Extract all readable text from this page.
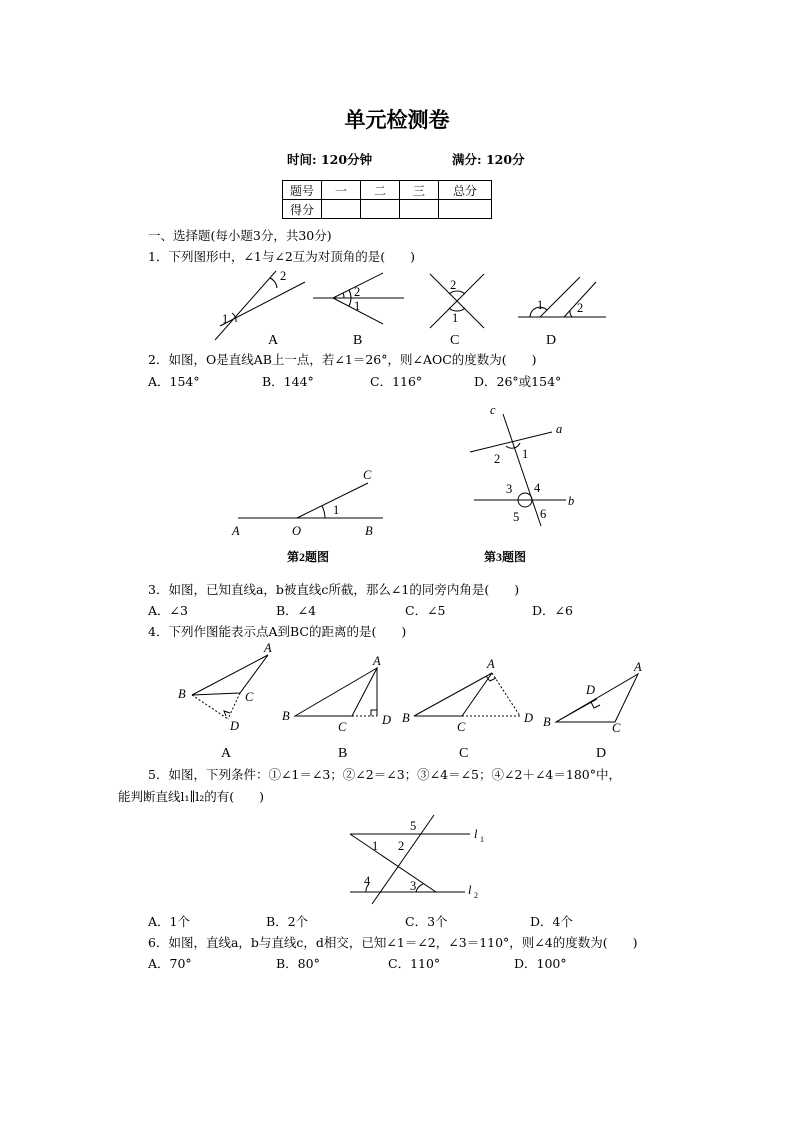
单元检测卷
时间: 120分钟	满分: 120分
题号	一	二	三	总分
得分				
一、选择题(每小题3分，共30分)
1．下列图形中，∠1与∠2互为对顶角的是(　　)
1
2
2
1
2
1
1	2
A	B	C	D
2．如图，O是直线AB上一点，若∠1＝26°，则∠AOC的度数为(　　)
A．154°	B．144°	C．116°	D．26°或154°
A	O	B
C
1
第2题图
c
a
b
2 1
3 4
5 6
第3题图
3．如图，已知直线a，b被直线c所截，那么∠1的同旁内角是(　　)
A．∠3	B．∠4	C．∠5	D．∠6
4．下列作图能表示点A到BC的距离的是(　　)
A
B	C
D
A
B
C	D
A
B
C
D
A
B	C
D
A	B	C	D
5．如图，下列条件：①∠1＝∠3；②∠2＝∠3；③∠4＝∠5；④∠2＋∠4＝180°中，
能判断直线l₁∥l₂的有(　　)
5
1 2
4	3
l 1
l 2
A．1个	B．2个	C．3个	D．4个
6．如图，直线a，b与直线c，d相交，已知∠1＝∠2，∠3＝110°，则∠4的度数为(　　)
A．70°	B．80°	C．110°	D．100°
